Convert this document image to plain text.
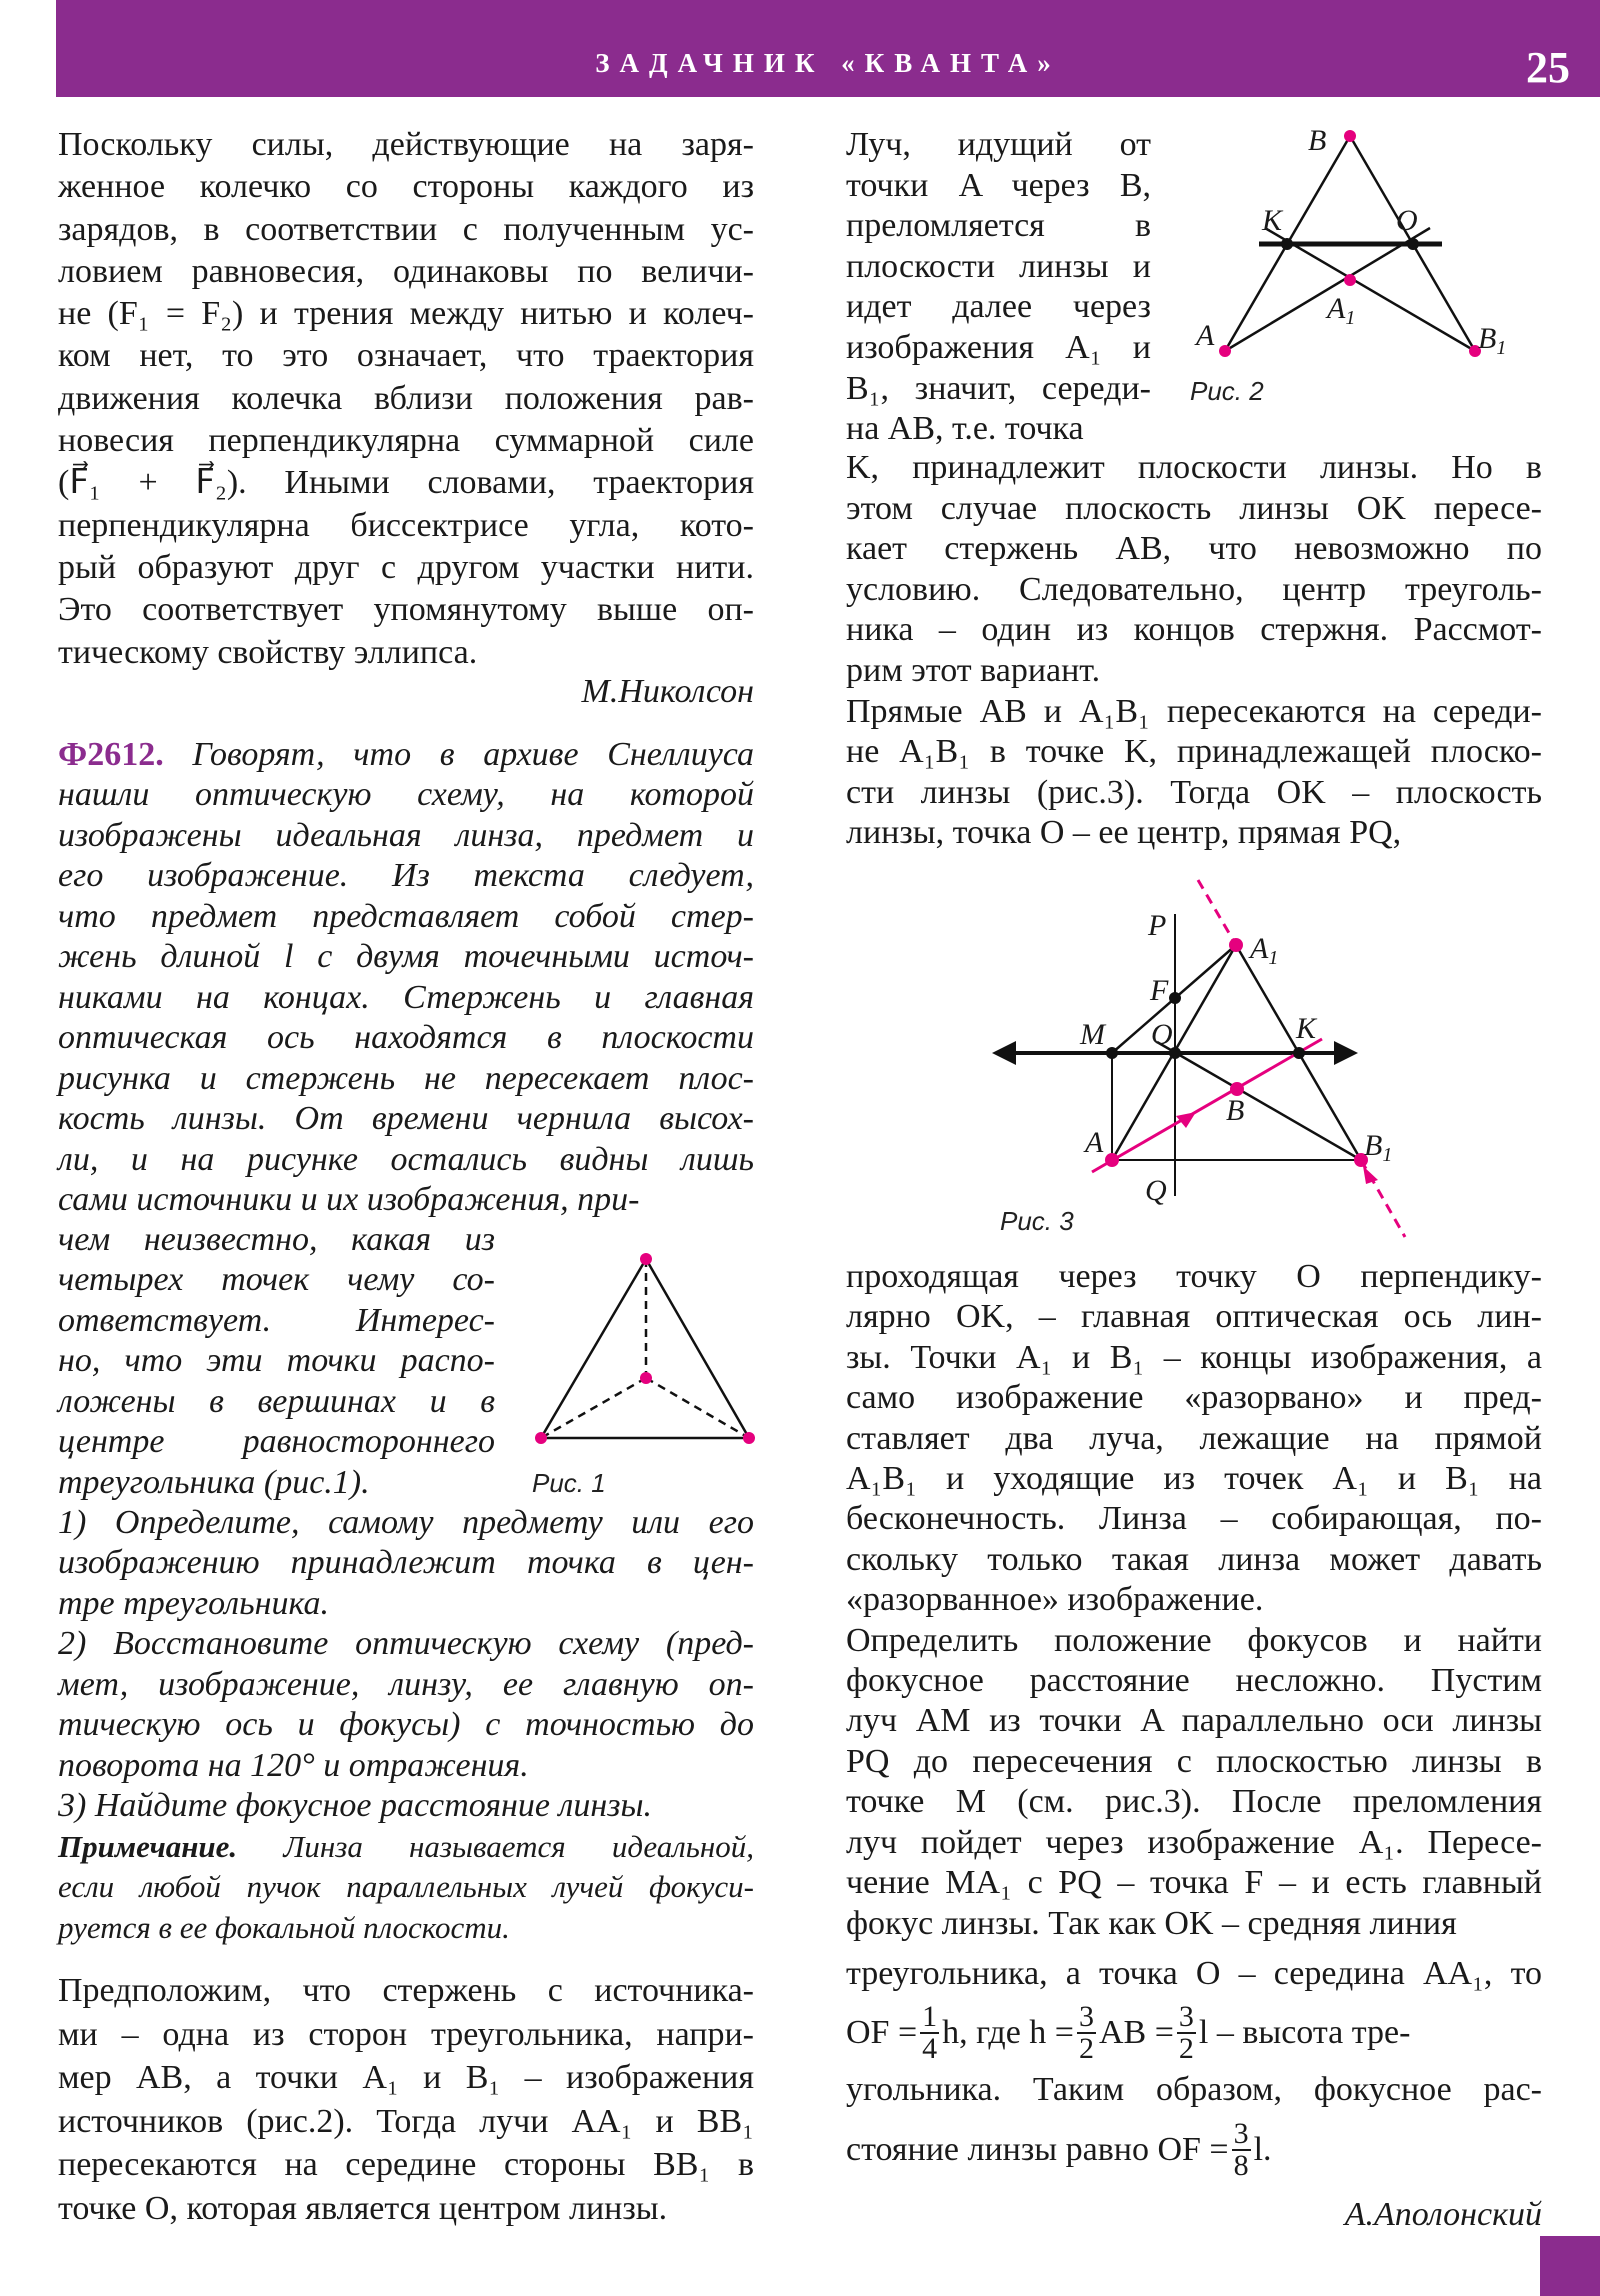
ЗАДАЧНИК «КВАНТА»	25
Поскольку силы, действующие на заря-
женное колечко со стороны каждого из
зарядов, в соответствии с полученным ус-
ловием равновесия, одинаковы по величи-
не (F₁ = F₂) и трения между нитью и колеч-
ком нет, то это означает, что траектория
движения колечка вблизи положения рав-
новесия перпендикулярна суммарной силе
(F⃗₁ + F⃗₂). Иными словами, траектория
перпендикулярна биссектрисе угла, кото-
рый образуют друг с другом участки нити.
Это соответствует упомянутому выше оп-
тическому свойству эллипса.
М.Николсон
Ф2612. Говорят, что в архиве Снеллиуса
нашли оптическую схему, на которой
изображены идеальная линза, предмет и
его изображение. Из текста следует,
что предмет представляет собой стер-
жень длиной l с двумя точечными источ-
никами на концах. Стержень и главная
оптическая ось находятся в плоскости
рисунка и стержень не пересекает плос-
кость линзы. От времени чернила высох-
ли, и на рисунке остались видны лишь
сами источники и их изображения, при-
чем неизвестно, какая из
четырех точек чему со-
ответствует. Интерес-
но, что эти точки распо-
ложены в вершинах и в
центре равностороннего
треугольника (рис.1).
1) Определите, самому предмету или его
изображению принадлежит точка в цен-
тре треугольника.
2) Восстановите оптическую схему (пред-
мет, изображение, линзу, ее главную оп-
тическую ось и фокусы) с точностью до
поворота на 120° и отражения.
3) Найдите фокусное расстояние линзы.
Примечание. Линза называется идеальной,
если любой пучок параллельных лучей фокуси-
руется в ее фокальной плоскости.
Предположим, что стержень с источника-
ми – одна из сторон треугольника, напри-
мер AB, а точки A₁ и B₁ – изображения
источников (рис.2). Тогда лучи AA₁ и BB₁
пересекаются на середине стороны BB₁ в
точке O, которая является центром линзы.
Луч, идущий от
точки A через B,
преломляется в
плоскости линзы и
идет далее через
изображения A₁ и
B₁, значит, середи-
на AB, т.е. точка
K, принадлежит плоскости линзы. Но в
этом случае плоскость линзы OK пересе-
кает стержень AB, что невозможно по
условию. Следовательно, центр треуголь-
ника – один из концов стержня. Рассмот-
рим этот вариант.
Прямые AB и A₁B₁ пересекаются на середи-
не A₁B₁ в точке K, принадлежащей плоско-
сти линзы (рис.3). Тогда OK – плоскость
линзы, точка O – ее центр, прямая PQ,
проходящая через точку O перпендику-
лярно OK, – главная оптическая ось лин-
зы. Точки A₁ и B₁ – концы изображения, а
само изображение «разорвано» и пред-
ставляет два луча, лежащие на прямой
A₁B₁ и уходящие из точек A₁ и B₁ на
бесконечность. Линза – собирающая, по-
скольку только такая линза может давать
«разорванное» изображение.
Определить положение фокусов и найти
фокусное расстояние несложно. Пустим
луч AM из точки A параллельно оси линзы
PQ до пересечения с плоскостью линзы в
точке M (см. рис.3). После преломления
луч пойдет через изображение A₁. Пересе-
чение MA₁ с PQ – точка F – и есть главный
фокус линзы. Так как OK – средняя линия
треугольника, а точка O – середина AA₁, то
OF = $\frac{1}{4} h$, где $h = \frac{3}{2}$ AB = $\frac{3}{2}$ l – высота тре-
угольника. Таким образом, фокусное рас-
стояние линзы равно OF = $\frac{3}{8} l$.
А.Аполонский
Рис. 1
B
K	O
$A_1$
A	$B_1$
Рис. 2
P
$A_1$
F
M O	K
B
A	$B_1$
Q
Рис. 3
